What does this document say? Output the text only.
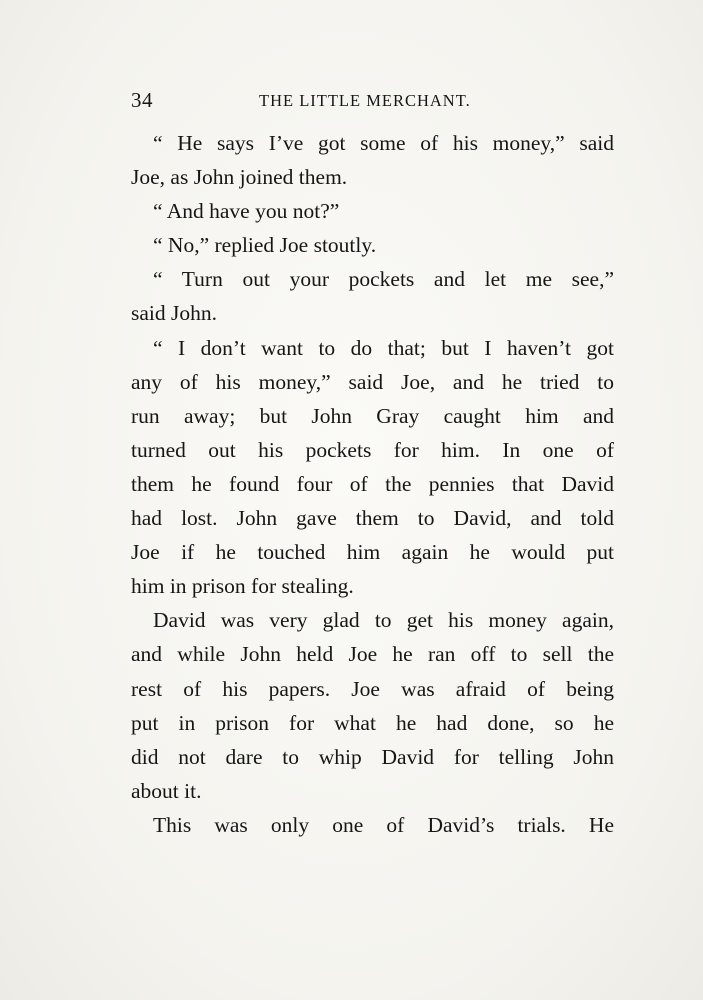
34	THE LITTLE MERCHANT.
“ He says I’ve got some of his money,” said
Joe, as John joined them.
“ And have you not?”
“ No,” replied Joe stoutly.
“ Turn out your pockets and let me see,”
said John.
“ I don’t want to do that; but I haven’t got
any of his money,” said Joe, and he tried to
run away; but John Gray caught him and
turned out his pockets for him. In one of
them he found four of the pennies that David
had lost. John gave them to David, and told
Joe if he touched him again he would put
him in prison for stealing.
David was very glad to get his money again,
and while John held Joe he ran off to sell the
rest of his papers. Joe was afraid of being
put in prison for what he had done, so he
did not dare to whip David for telling John
about it.
This was only one of David’s trials. He
